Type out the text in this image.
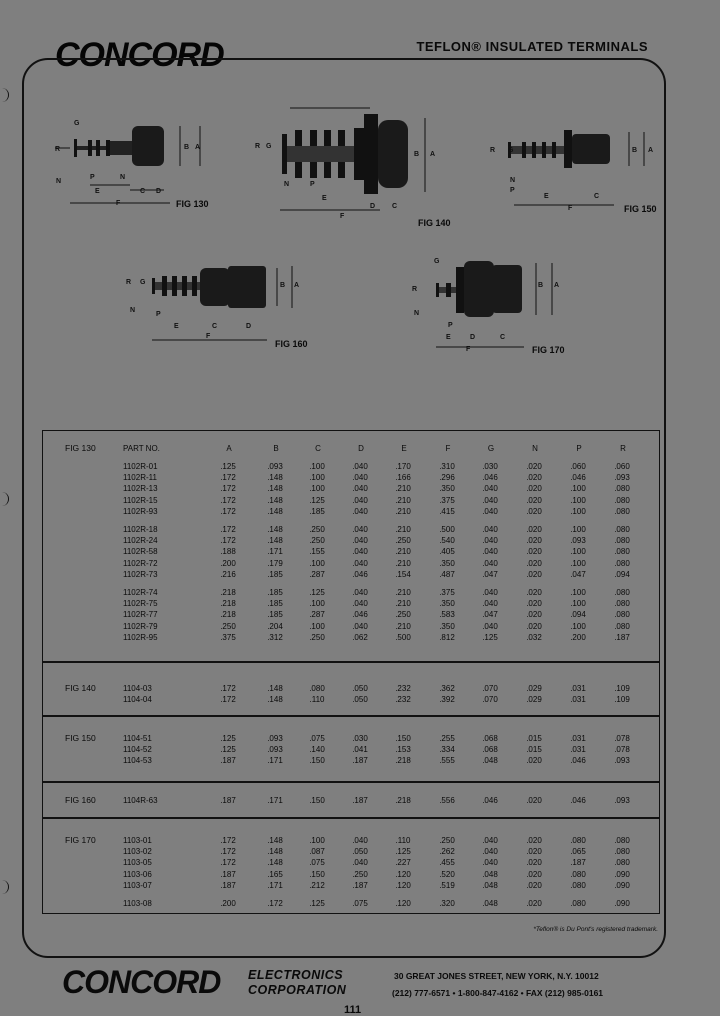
CONCORD	TEFLON® INSULATED TERMINALS
G
R	B A
N
P	N
E	C D
F	FIG 130
R G
B A
N	P
E
D C
F
FIG 140
R G	B A
N
P
E	C
F	FIG 150
R G	B A
N
P
E	C	D
F
FIG 160
G
R
B A
N
P
E	D	C
F	FIG 170
PART NO.	A	B	C	D	E	F	G	N	P	R
FIG 130
1102R-01	.125	.093	.100	.040	.170	.310	.030	.020	.060	.060
1102R-11	.172	.148	.100	.040	.166	.296	.046	.020	.046	.093
1102R-13	.172	.148	.100	.040	.210	.350	.040	.020	.100	.080
1102R-15	.172	.148	.125	.040	.210	.375	.040	.020	.100	.080
1102R-93	.172	.148	.185	.040	.210	.415	.040	.020	.100	.080
1102R-18	.172	.148	.250	.040	.210	.500	.040	.020	.100	.080
1102R-24	.172	.148	.250	.040	.250	.540	.040	.020	.093	.080
1102R-58	.188	.171	.155	.040	.210	.405	.040	.020	.100	.080
1102R-72	.200	.179	.100	.040	.210	.350	.040	.020	.100	.080
1102R-73	.216	.185	.287	.046	.154	.487	.047	.020	.047	.094
1102R-74	.218	.185	.125	.040	.210	.375	.040	.020	.100	.080
1102R-75	.218	.185	.100	.040	.210	.350	.040	.020	.100	.080
1102R-77	.218	.185	.287	.046	.250	.583	.047	.020	.094	.080
1102R-79	.250	.204	.100	.040	.210	.350	.040	.020	.100	.080
1102R-95	.375	.312	.250	.062	.500	.812	.125	.032	.200	.187
FIG 140	1104-03	.172	.148	.080	.050	.232	.362	.070	.029	.031	.109
1104-04	.172	.148	.110	.050	.232	.392	.070	.029	.031	.109
FIG 150	1104-51	.125	.093	.075	.030	.150	.255	.068	.015	.031	.078
1104-52	.125	.093	.140	.041	.153	.334	.068	.015	.031	.078
1104-53	.187	.171	.150	.187	.218	.555	.048	.020	.046	.093
FIG 160	1104R-63	.187	.171	.150	.187	.218	.556	.046	.020	.046	.093
FIG 170	1103-01	.172	.148	.100	.040	.110	.250	.040	.020	.080	.080
1103-02	.172	.148	.087	.050	.125	.262	.040	.020	.065	.080
1103-05	.172	.148	.075	.040	.227	.455	.040	.020	.187	.080
1103-06	.187	.165	.150	.250	.120	.520	.048	.020	.080	.090
1103-07	.187	.171	.212	.187	.120	.519	.048	.020	.080	.090
1103-08	.200	.172	.125	.075	.120	.320	.048	.020	.080	.090
*Teflon® is Du Pont's registered trademark.
CONCORD ELECTRONICS
CORPORATION
30 GREAT JONES STREET, NEW YORK, N.Y. 10012
(212) 777-6571 • 1-800-847-4162 • FAX (212) 985-0161
111
